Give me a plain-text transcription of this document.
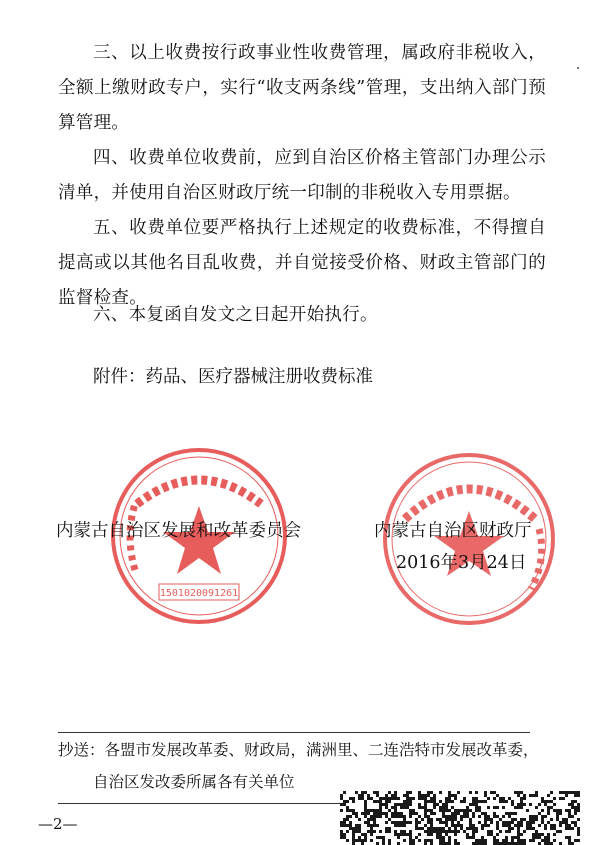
三、以上收费按行政事业性收费管理，属政府非税收入，全额上缴财政专户，实行“收支两条线”管理，支出纳入部门预算管理。

四、收费单位收费前，应到自治区价格主管部门办理公示清单，并使用自治区财政厅统一印制的非税收入专用票据。

五、收费单位要严格执行上述规定的收费标准，不得擅自提高或以其他名目乱收费，并自觉接受价格、财政主管部门的监督检查。

六、本复函自发文之日起开始执行。

附件：药品、医疗器械注册收费标准
1501020091261
内蒙古自治区发展和改革委员会	内蒙古自治区财政厅
2016年3月24日
抄送：各盟市发展改革委、财政局，满洲里、二连浩特市发展改革委，
自治区发改委所属各有关单位
—2—
